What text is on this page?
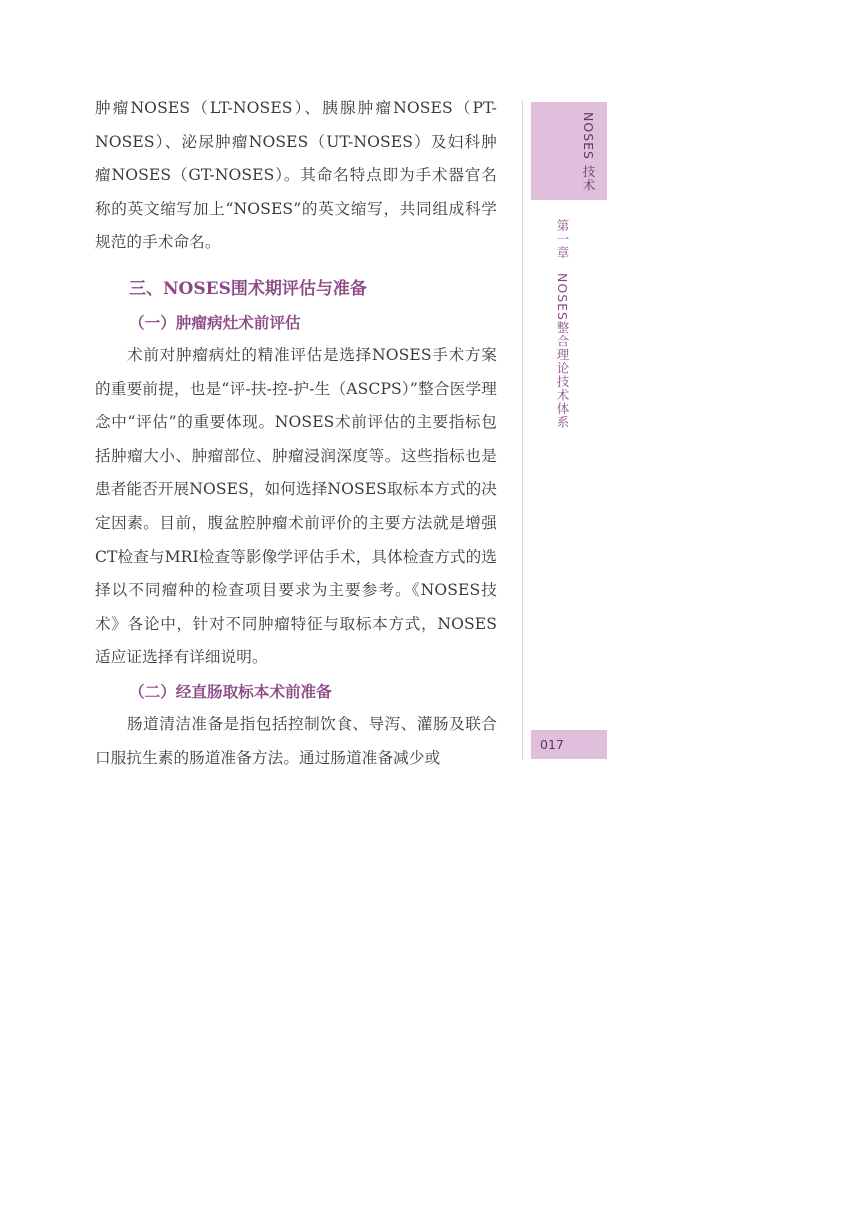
肿瘤NOSES（LT-NOSES）、胰腺肿瘤NOSES（PT-NOSES）、泌尿肿瘤NOSES（UT-NOSES）及妇科肿瘤NOSES（GT-NOSES）。其命名特点即为手术器官名称的英文缩写加上“NOSES”的英文缩写，共同组成科学规范的手术命名。

三、NOSES围术期评估与准备
（一）肿瘤病灶术前评估

术前对肿瘤病灶的精准评估是选择NOSES手术方案的重要前提，也是“评-扶-控-护-生（ASCPS）”整合医学理念中“评估”的重要体现。NOSES术前评估的主要指标包括肿瘤大小、肿瘤部位、肿瘤浸润深度等。这些指标也是患者能否开展NOSES，如何选择NOSES取标本方式的决定因素。目前，腹盆腔肿瘤术前评价的主要方法就是增强CT检查与MRI检查等影像学评估手术，具体检查方式的选择以不同瘤种的检查项目要求为主要参考。《NOSES技术》各论中，针对不同肿瘤特征与取标本方式，NOSES适应证选择有详细说明。

（二）经直肠取标本术前准备

肠道清洁准备是指包括控制饮食、导泻、灌肠及联合口服抗生素的肠道准备方法。通过肠道准备减少或

NOSES 技术
第一章　NOSES整合理论技术体系
017
